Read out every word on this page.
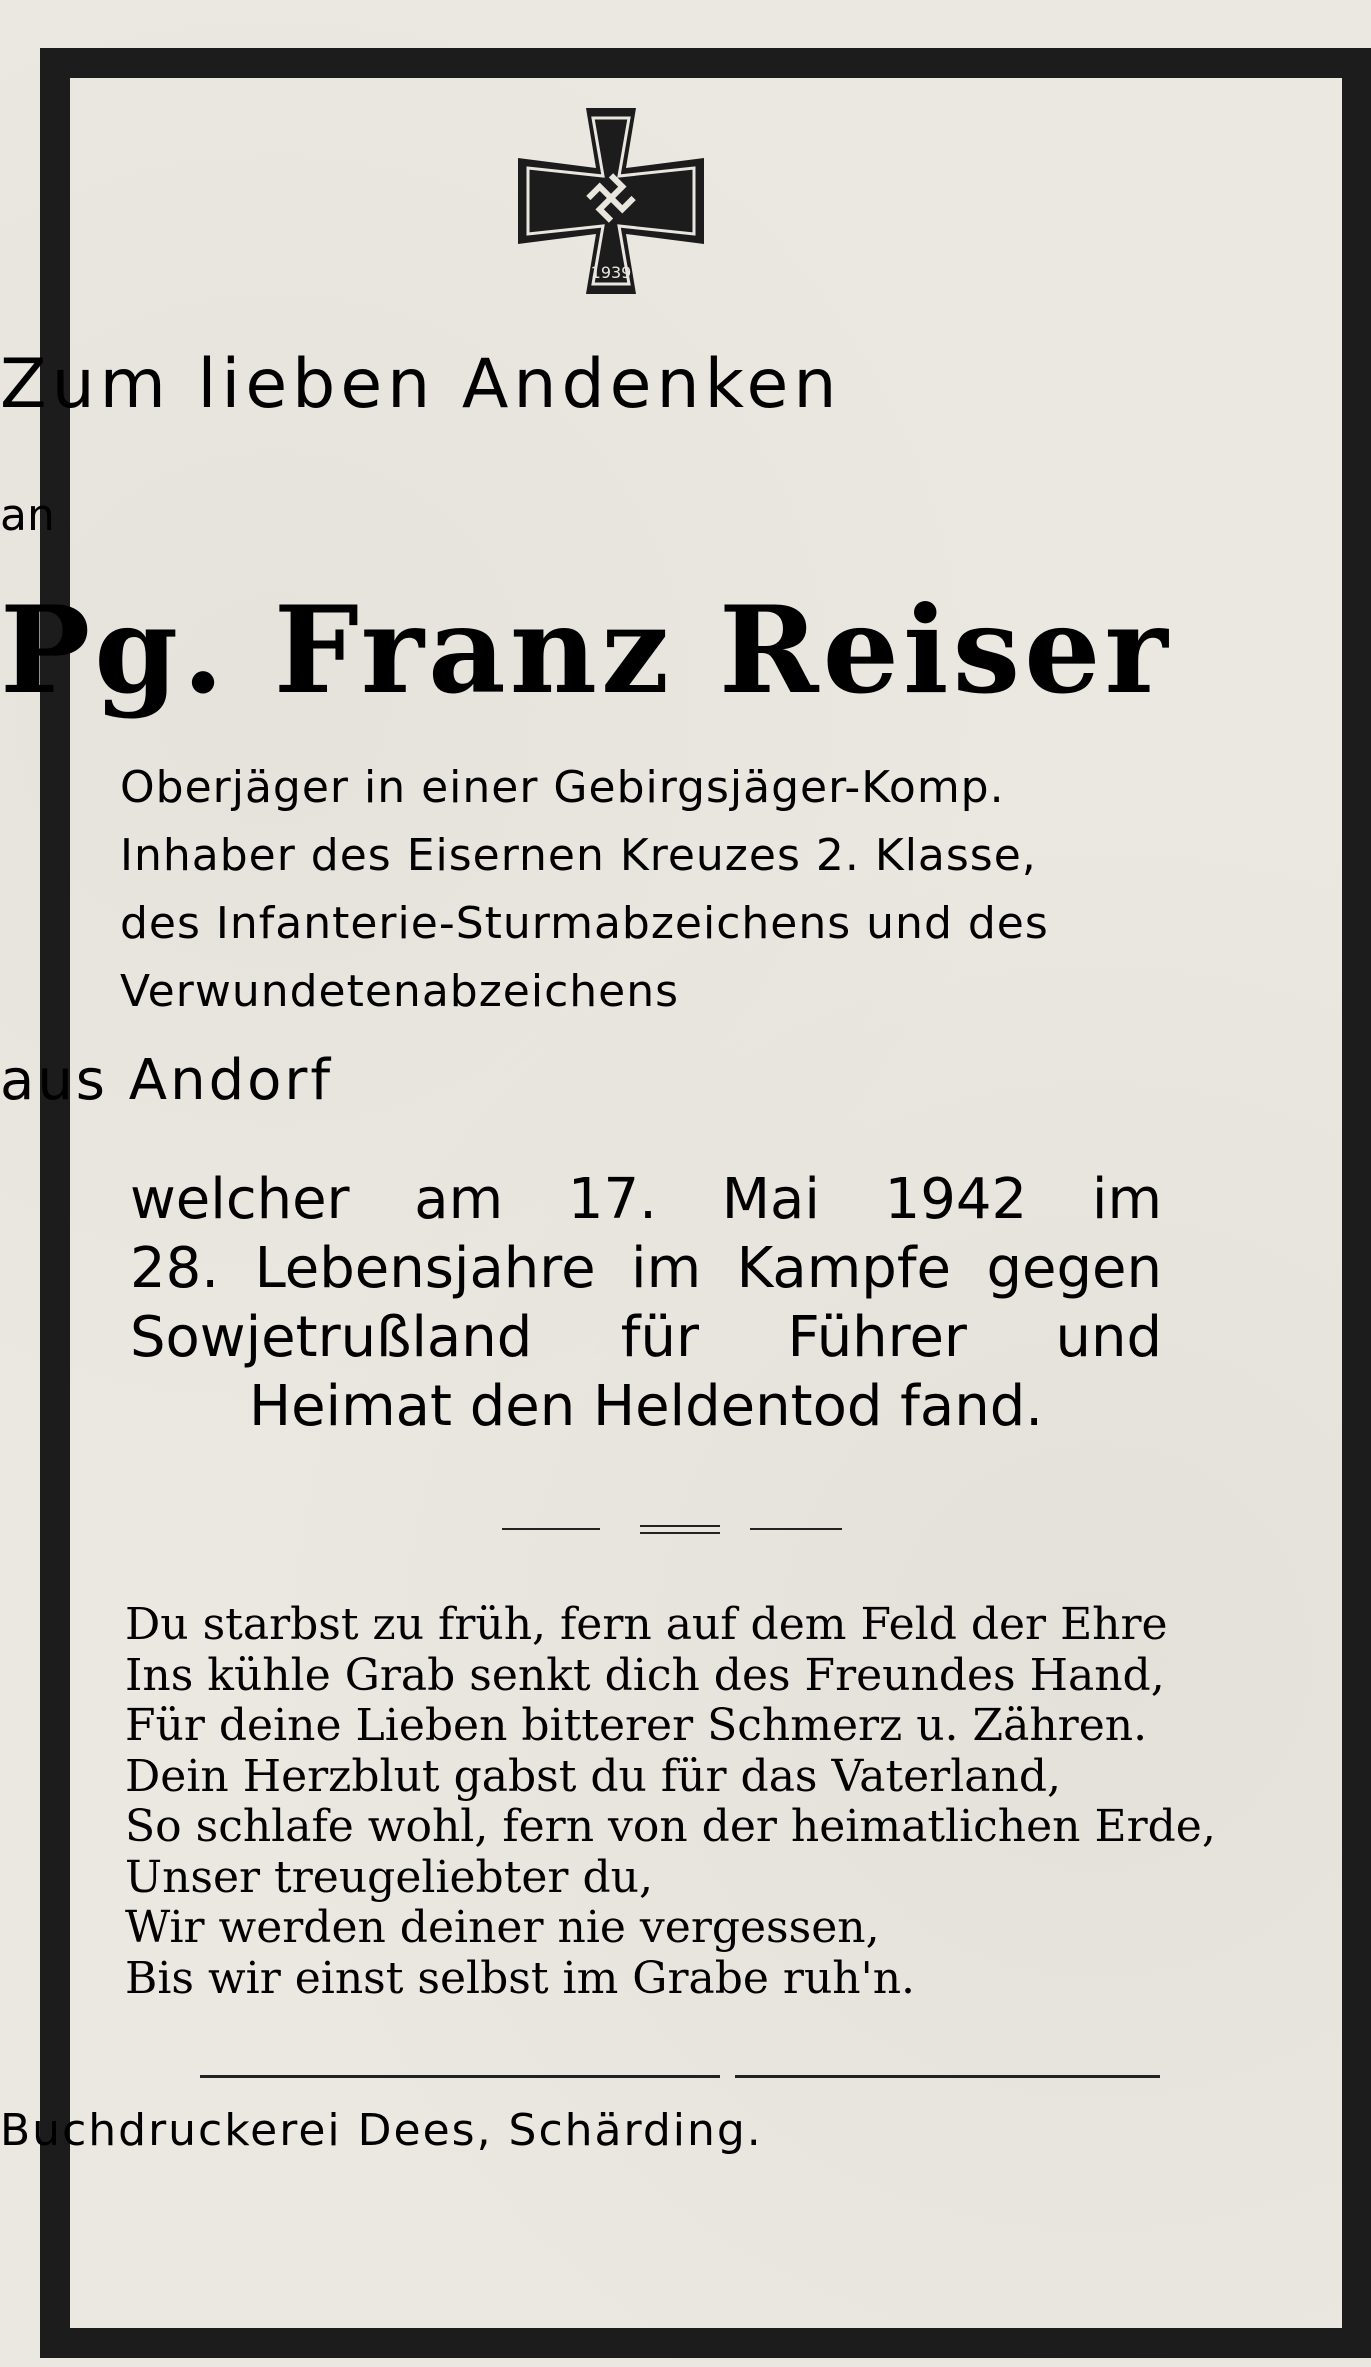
1939
Zum lieben Andenken
an
Pg. Franz Reiser
Oberjäger in einer Gebirgsjäger-Komp.
Inhaber des Eisernen Kreuzes 2. Klasse,
des Infanterie-Sturmabzeichens und des
Verwundetenabzeichens
aus Andorf
welcher am 17. Mai 1942 im
28. Lebensjahre im Kampfe gegen
Sowjetrußland für Führer und
Heimat den Heldentod fand.
Du starbst zu früh, fern auf dem Feld der Ehre
Ins kühle Grab senkt dich des Freundes Hand,
Für deine Lieben bitterer Schmerz u. Zähren.
Dein Herzblut gabst du für das Vaterland,
So schlafe wohl, fern von der heimatlichen Erde,
Unser treugeliebter du,
Wir werden deiner nie vergessen,
Bis wir einst selbst im Grabe ruh'n.
Buchdruckerei Dees, Schärding.
